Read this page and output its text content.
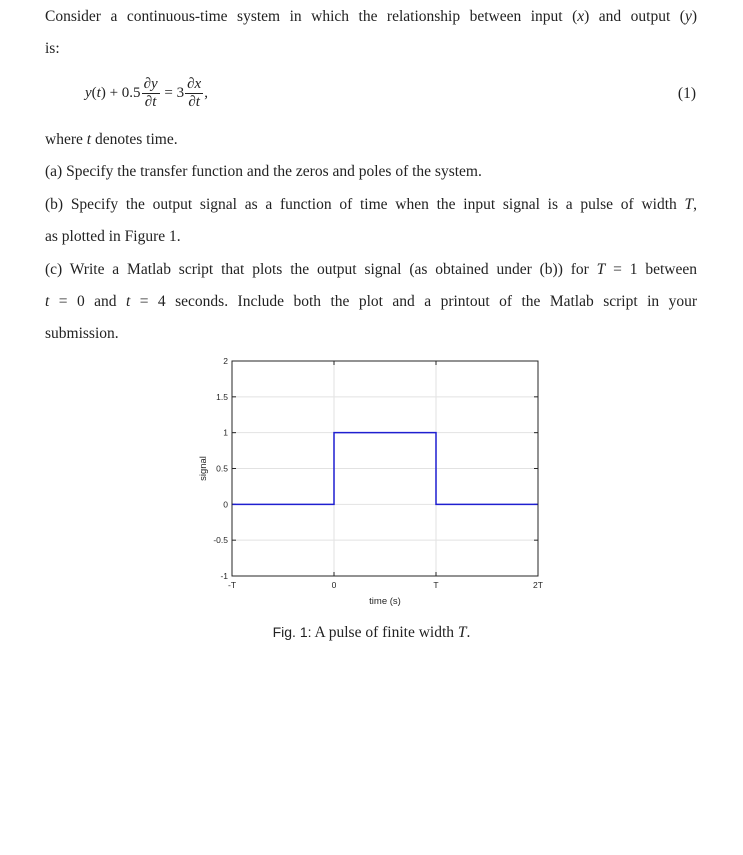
Consider a continuous-time system in which the relationship between input (x) and output (y)

is:

$y(t) + 0.5 \frac{\partial y}{\partial t} = 3 \frac{\partial x}{\partial t}$ ,	(1)

where t denotes time.

(a) Specify the transfer function and the zeros and poles of the system.

(b) Specify the output signal as a function of time when the input signal is a pulse of width T,

as plotted in Figure 1.

(c) Write a Matlab script that plots the output signal (as obtained under (b)) for T = 1 between

t = 0 and t = 4 seconds. Include both the plot and a printout of the Matlab script in your

submission.

-T	0	T	2T
-1
-0.5
0
0.5
1
1.5
2
time (s)
signal
Fig. 1: A pulse of finite width T.
